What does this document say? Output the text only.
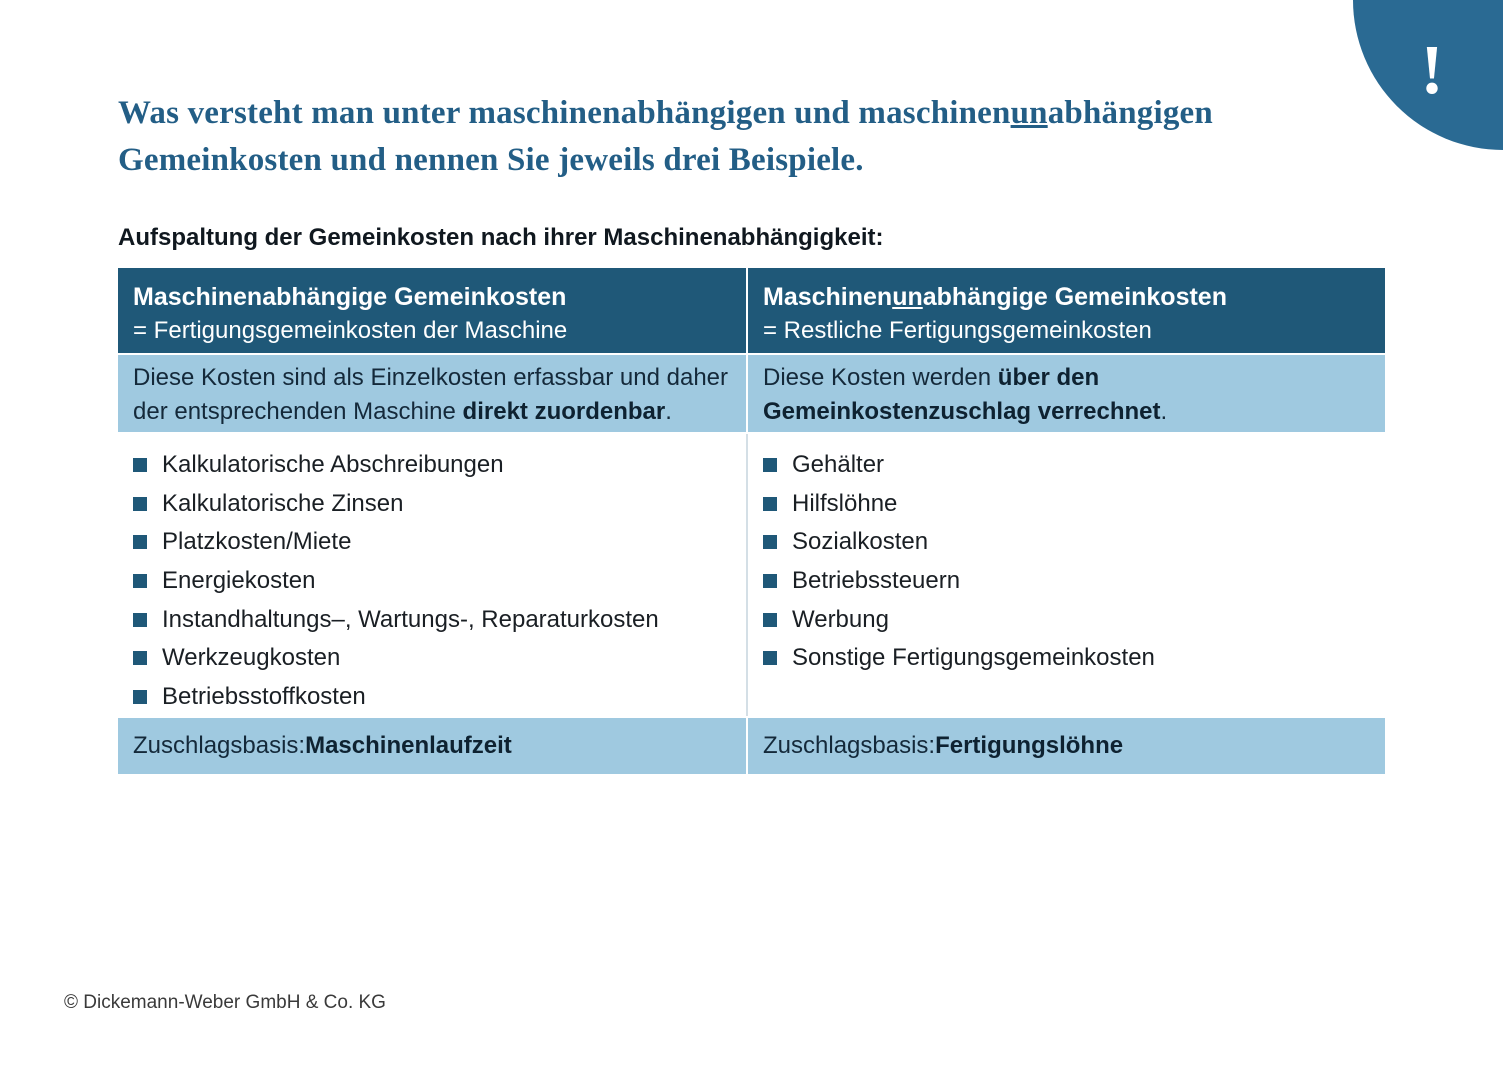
!
Was versteht man unter maschinenabhängigen und maschinenunabhängigen
Gemeinkosten und nennen Sie jeweils drei Beispiele.
Aufspaltung der Gemeinkosten nach ihrer Maschinenabhängigkeit:
Maschinenabhängige Gemeinkosten
= Fertigungsgemeinkosten der Maschine
Maschinenunabhängige Gemeinkosten
= Restliche Fertigungsgemeinkosten
Diese Kosten sind als Einzelkosten erfassbar und daher der entsprechenden Maschine direkt zuordenbar.
Diese Kosten werden über den Gemeinkostenzuschlag verrechnet.
Kalkulatorische Abschreibungen
Kalkulatorische Zinsen
Platzkosten/Miete
Energiekosten
Instandhaltungs–, Wartungs-, Reparaturkosten
Werkzeugkosten
Betriebsstoffkosten
Gehälter
Hilfslöhne
Sozialkosten
Betriebssteuern
Werbung
Sonstige Fertigungsgemeinkosten
Zuschlagsbasis: Maschinenlaufzeit	Zuschlagsbasis: Fertigungslöhne
© Dickemann-Weber GmbH & Co. KG
